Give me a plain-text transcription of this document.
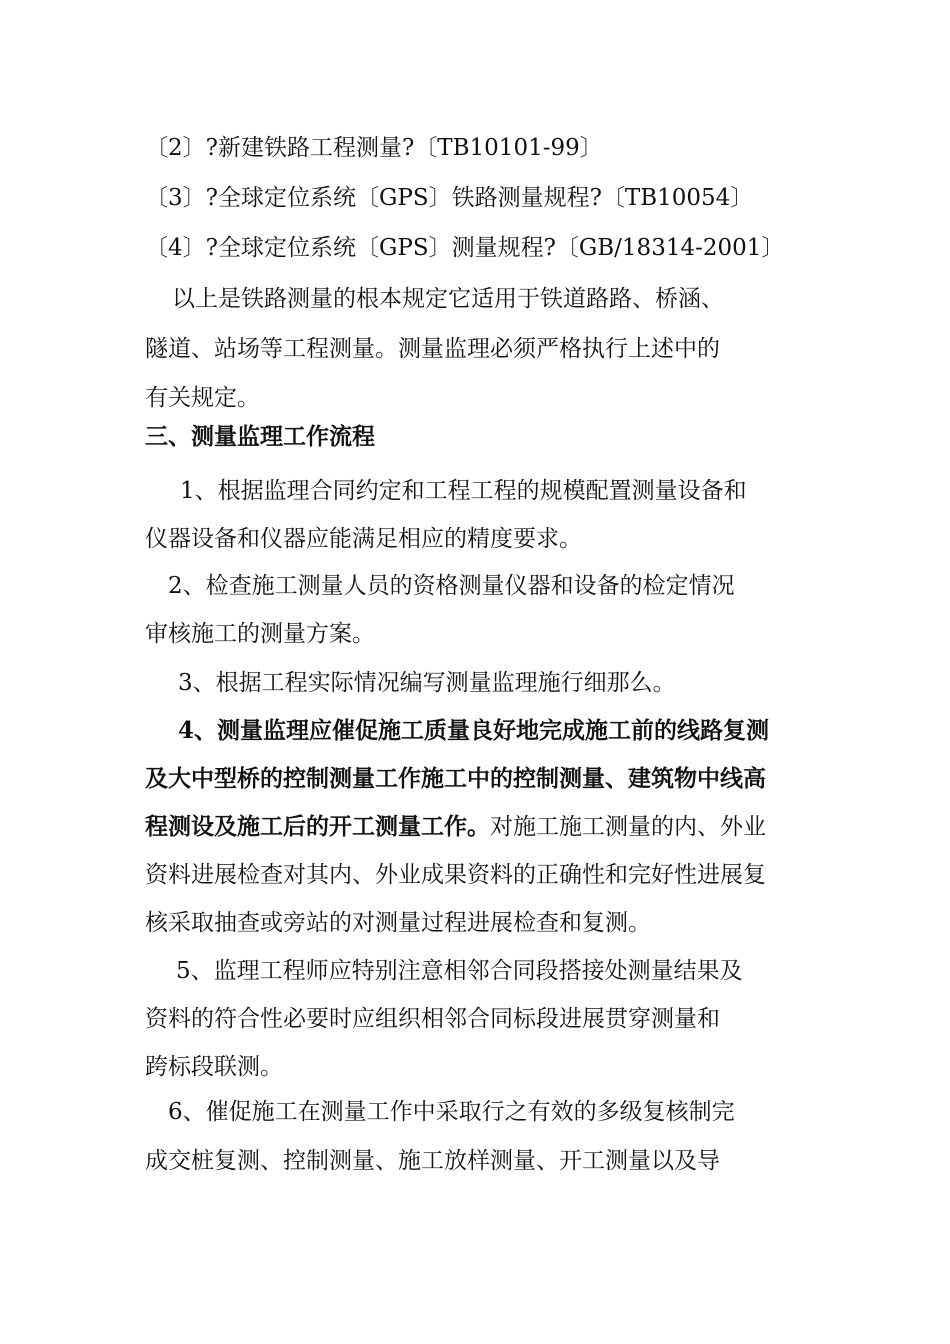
〔2〕?新建铁路工程测量?〔TB10101-99〕
〔3〕?全球定位系统〔GPS〕铁路测量规程?〔TB10054〕
〔4〕?全球定位系统〔GPS〕测量规程?〔GB/18314-2001〕
以上是铁路测量的根本规定它适用于铁道路路、桥涵、
隧道、站场等工程测量。测量监理必须严格执行上述中的
有关规定。
三、测量监理工作流程
1、根据监理合同约定和工程工程的规模配置测量设备和
仪器设备和仪器应能满足相应的精度要求。
2、检查施工测量人员的资格测量仪器和设备的检定情况
审核施工的测量方案。
3、根据工程实际情况编写测量监理施行细那么。
4、测量监理应催促施工质量良好地完成施工前的线路复测
及大中型桥的控制测量工作施工中的控制测量、建筑物中线高
程测设及施工后的开工测量工作。对施工施工测量的内、外业
资料进展检查对其内、外业成果资料的正确性和完好性进展复
核采取抽查或旁站的对测量过程进展检查和复测。
5、监理工程师应特别注意相邻合同段搭接处测量结果及
资料的符合性必要时应组织相邻合同标段进展贯穿测量和
跨标段联测。
6、催促施工在测量工作中采取行之有效的多级复核制完
成交桩复测、控制测量、施工放样测量、开工测量以及导
